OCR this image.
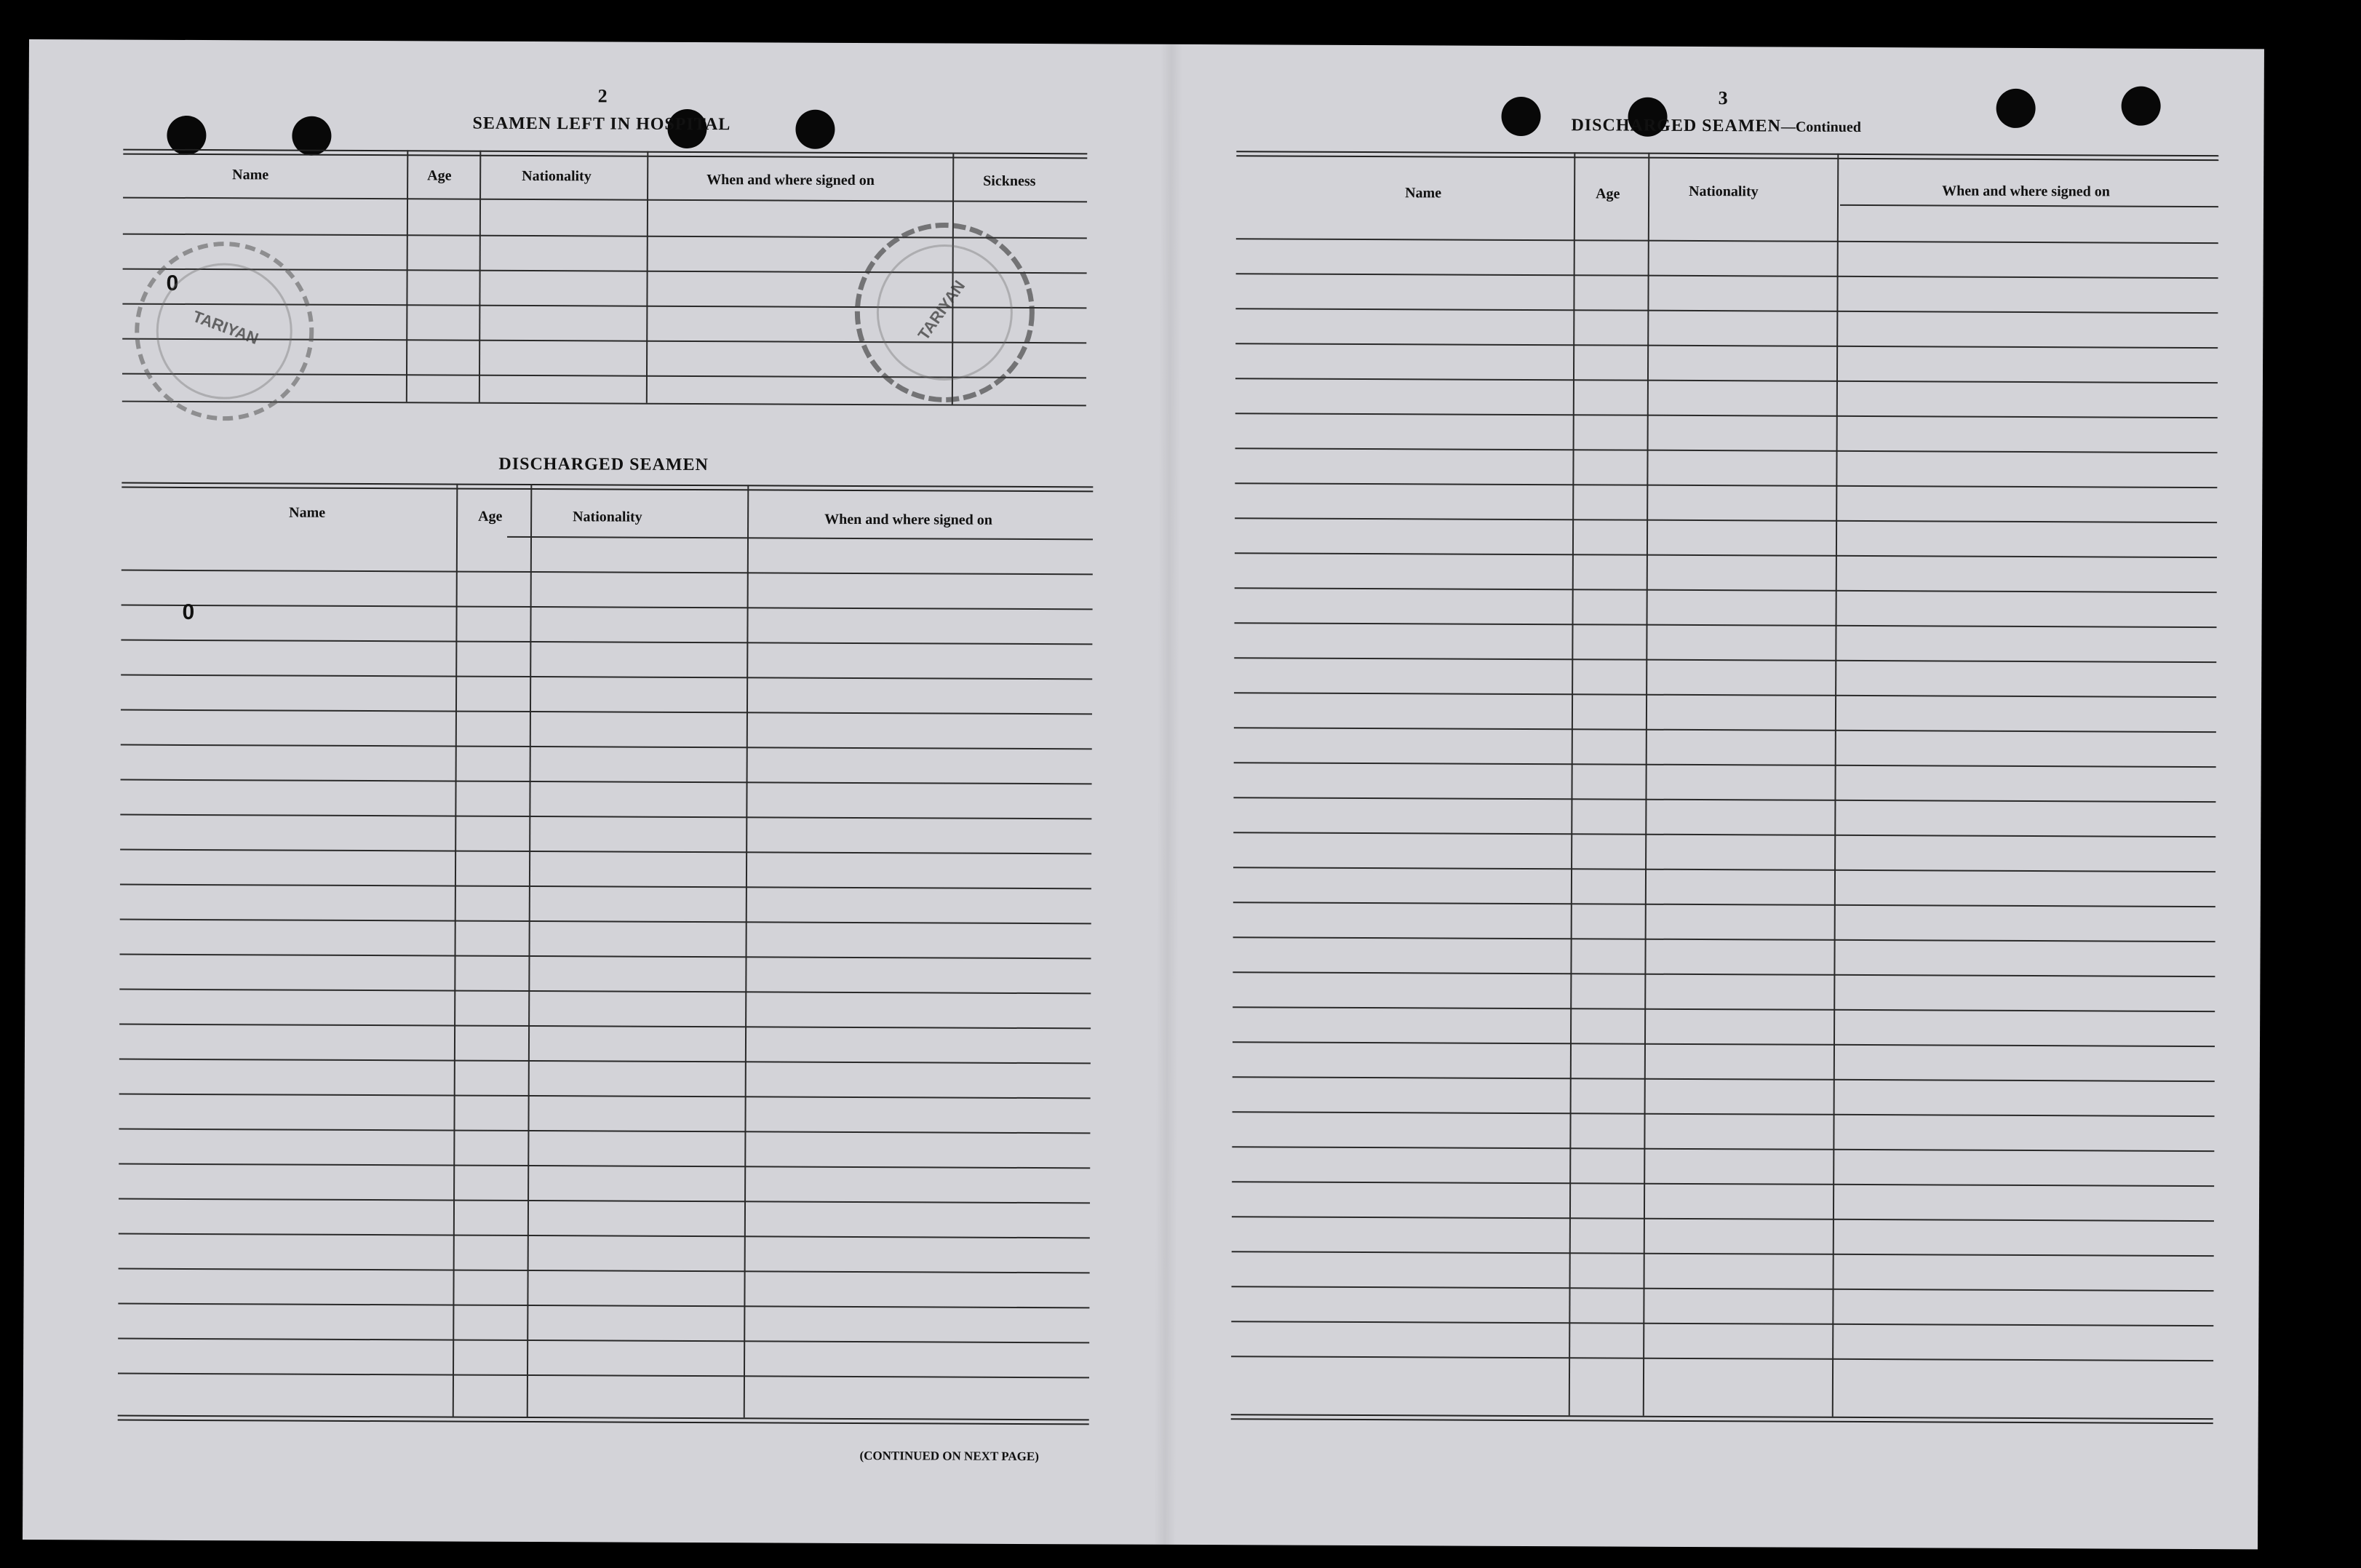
2
SEAMEN LEFT IN HOSPITAL
Name	Age	Nationality	When and where signed on	Sickness
0
DISCHARGED SEAMEN
Name	Age	Nationality	When and where signed on
0
(CONTINUED ON NEXT PAGE)
TARIYAN	TARIYAN
3
DISCHARGED SEAMEN—Continued
Name	Age	Nationality	When and where signed on
